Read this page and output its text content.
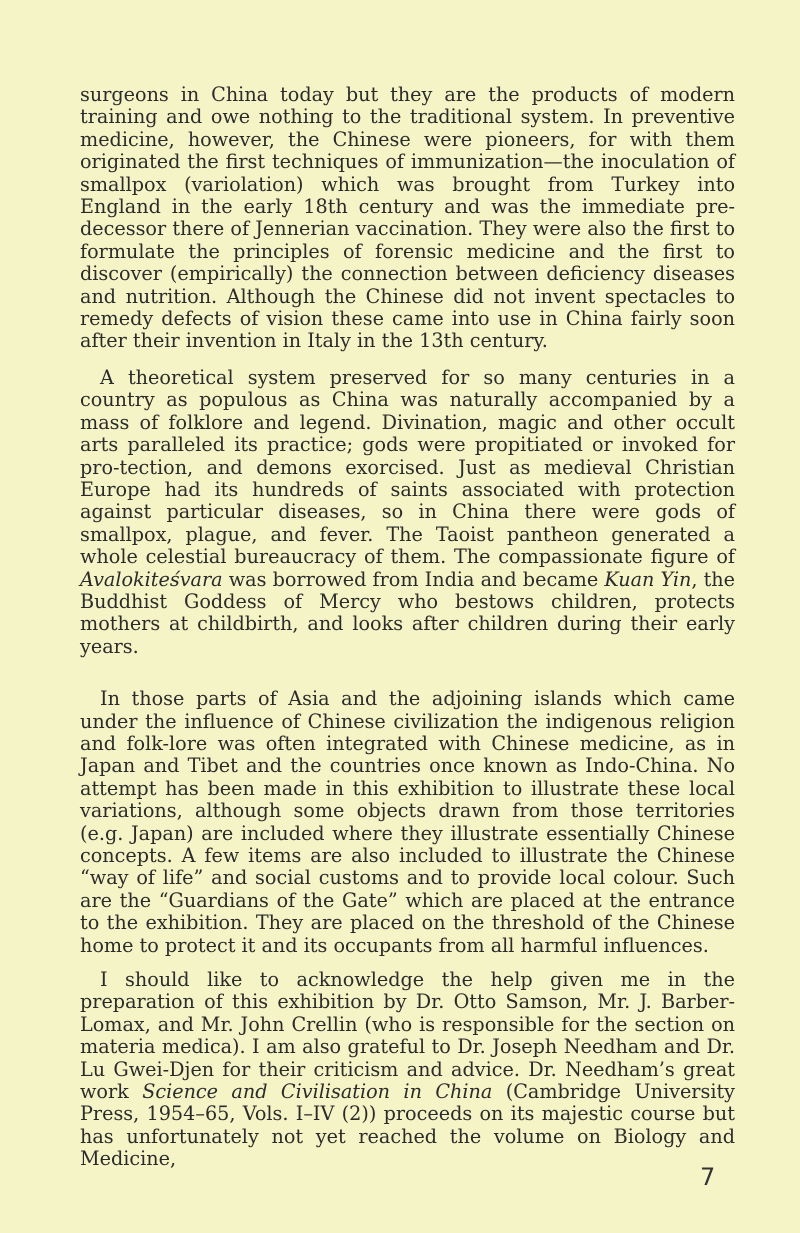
surgeons in China today but they are the products of modern training and owe nothing to the traditional system. In preventive medicine, however, the Chinese were pioneers, for with them originated the first techniques of immunization—the inoculation of smallpox (variolation) which was brought from Turkey into England in the early 18th century and was the immediate pre-decessor there of Jennerian vaccination. They were also the first to formulate the principles of forensic medicine and the first to discover (empirically) the connection between deficiency diseases and nutrition. Although the Chinese did not invent spectacles to remedy defects of vision these came into use in China fairly soon after their invention in Italy in the 13th century.

A theoretical system preserved for so many centuries in a country as populous as China was naturally accompanied by a mass of folklore and legend. Divination, magic and other occult arts paralleled its practice; gods were propitiated or invoked for pro-tection, and demons exorcised. Just as medieval Christian Europe had its hundreds of saints associated with protection against particular diseases, so in China there were gods of smallpox, plague, and fever. The Taoist pantheon generated a whole celestial bureaucracy of them. The compassionate figure of Avalokiteśvara was borrowed from India and became Kuan Yin, the Buddhist Goddess of Mercy who bestows children, protects mothers at childbirth, and looks after children during their early years.

In those parts of Asia and the adjoining islands which came under the influence of Chinese civilization the indigenous religion and folk-lore was often integrated with Chinese medicine, as in Japan and Tibet and the countries once known as Indo-China. No attempt has been made in this exhibition to illustrate these local variations, although some objects drawn from those territories (e.g. Japan) are included where they illustrate essentially Chinese concepts. A few items are also included to illustrate the Chinese “way of life” and social customs and to provide local colour. Such are the “Guardians of the Gate” which are placed at the entrance to the exhibition. They are placed on the threshold of the Chinese home to protect it and its occupants from all harmful influences.

I should like to acknowledge the help given me in the preparation of this exhibition by Dr. Otto Samson, Mr. J. Barber-Lomax, and Mr. John Crellin (who is responsible for the section on materia medica). I am also grateful to Dr. Joseph Needham and Dr. Lu Gwei-Djen for their criticism and advice. Dr. Needham’s great work Science and Civilisation in China (Cambridge University Press, 1954–65, Vols. I–IV (2)) proceeds on its majestic course but has unfortunately not yet reached the volume on Biology and Medicine,

7
